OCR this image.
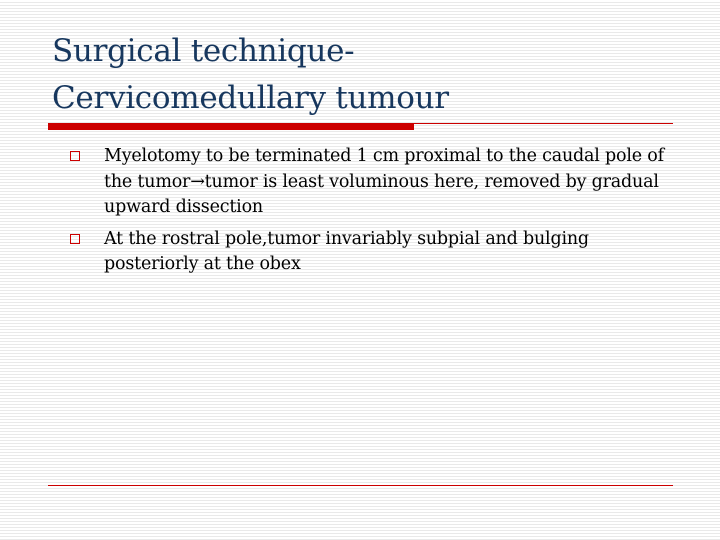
Surgical technique-
Cervicomedullary tumour
Myelotomy to be terminated 1 cm proximal to the caudal pole of the tumor→tumor is least voluminous here, removed by gradual upward dissection
At the rostral pole,tumor invariably subpial and bulging posteriorly at the obex
